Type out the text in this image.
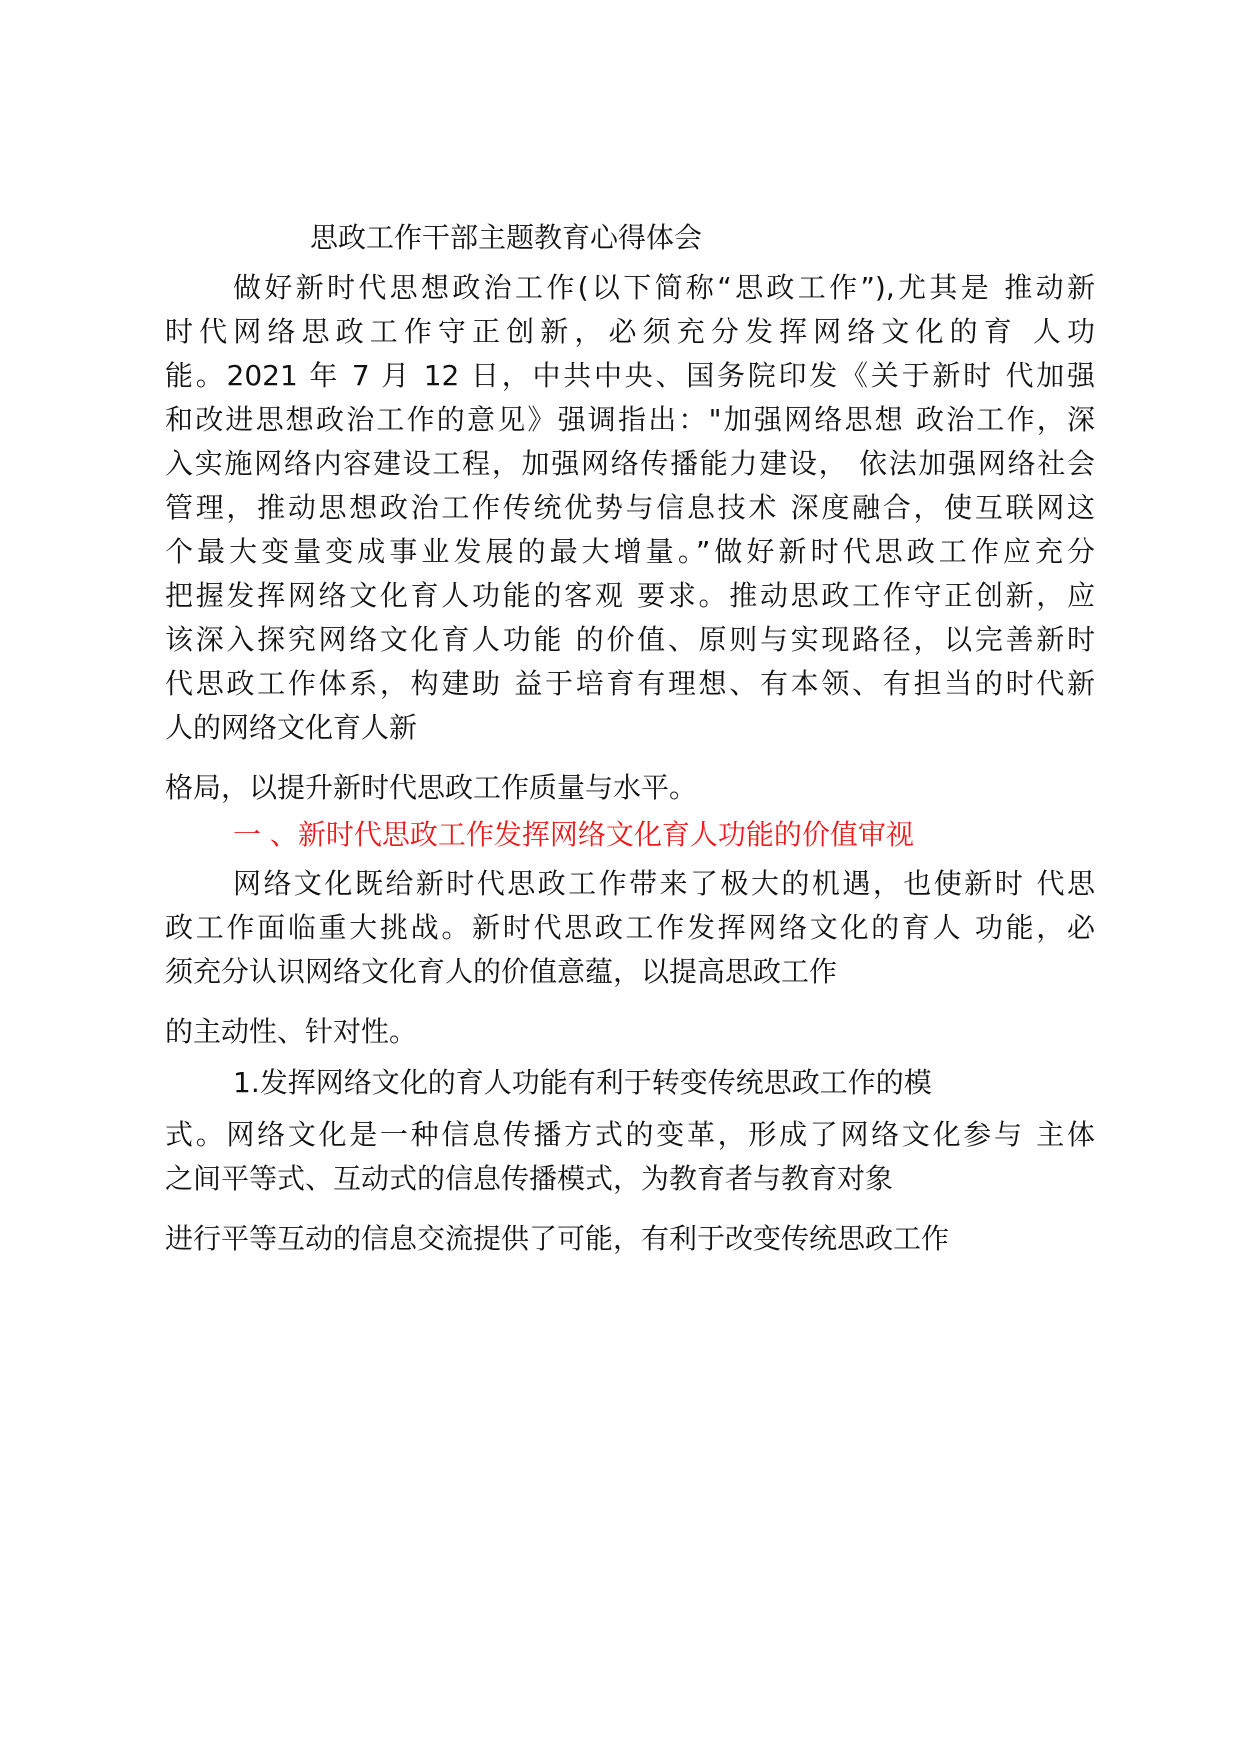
思政工作干部主题教育心得体会
做好新时代思想政治工作(以下简称“思政工作”),尤其是 推动新
时代网络思政工作守正创新，必须充分发挥网络文化的育 人功
能。2021 年 7 月 12 日，中共中央、国务院印发《关于新时 代加强
和改进思想政治工作的意见》强调指出："加强网络思想 政治工作，深
入实施网络内容建设工程，加强网络传播能力建设， 依法加强网络社会
管理，推动思想政治工作传统优势与信息技术 深度融合，使互联网这
个最大变量变成事业发展的最大增量。”做好新时代思政工作应充分
把握发挥网络文化育人功能的客观 要求。推动思政工作守正创新，应
该深入探究网络文化育人功能 的价值、原则与实现路径，以完善新时
代思政工作体系，构建助 益于培育有理想、有本领、有担当的时代新
人的网络文化育人新
格局，以提升新时代思政工作质量与水平。
一 、新时代思政工作发挥网络文化育人功能的价值审视
网络文化既给新时代思政工作带来了极大的机遇，也使新时 代思
政工作面临重大挑战。新时代思政工作发挥网络文化的育人 功能，必
须充分认识网络文化育人的价值意蕴，以提高思政工作
的主动性、针对性。
1.发挥网络文化的育人功能有利于转变传统思政工作的模
式。网络文化是一种信息传播方式的变革，形成了网络文化参与 主体
之间平等式、互动式的信息传播模式，为教育者与教育对象
进行平等互动的信息交流提供了可能，有利于改变传统思政工作
